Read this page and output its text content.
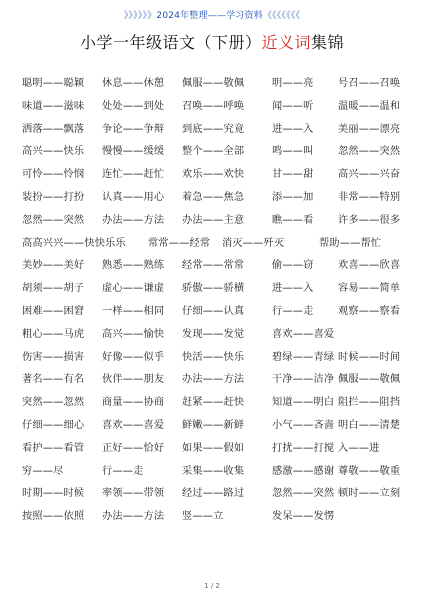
》》》》》》2024年整理——学习资料《《《《《《《
小学一年级语文（下册）近义词集锦
聪明——聪颖 休息——休憩 佩服——敬佩	明——亮 号召——召唤
味道——滋味 处处——到处 召唤——呼唤	闻——听 温暖——温和
洒落——飘落 争论——争辩 到底——究竟	进——入 美丽——漂亮
高兴——快乐 慢慢——缓缓 整个——全部	鸣——叫 忽然——突然
可怜——怜悯 连忙——赶忙 欢乐——欢快	甘——甜 高兴——兴奋
装扮——打扮 认真——用心 着急——焦急	添——加 非常——特别
忽然——突然 办法——方法 办法——主意	瞧——看 许多——很多
高高兴兴——快快乐乐 常常——经常 消灭——歼灭	帮助——帮忙
美妙——美好 熟悉——熟练 经常——常常	偷——窃 欢喜——欣喜
胡须——胡子 虚心——谦虚 骄傲——骄横	进——入 容易——简单
困难——困窘 一样——相同 仔细——认真	行——走 观察——察看
粗心——马虎 高兴——愉快 发现——发觉	喜欢——喜爱
伤害——损害 好像——似乎 快活——快乐	碧绿——青绿 时候——时间
著名——有名 伙伴——朋友 办法——方法	干净——洁净 佩服——敬佩
突然——忽然 商量——协商 赶紧——赶快	知道——明白 阻拦——阻挡
仔细——细心 喜欢——喜爱 鲜嫩——新鲜	小气——吝啬 明白——清楚
看护——看管 正好——恰好 如果——假如	打扰——打搅 入——进
穷——尽	行——走	采集——收集	感激——感谢 尊敬——敬重
时期——时候 率领——带领 经过——路过	忽然——突然 顿时——立刻
按照——依照 办法——方法 竖——立	发呆——发愣
1 / 2
